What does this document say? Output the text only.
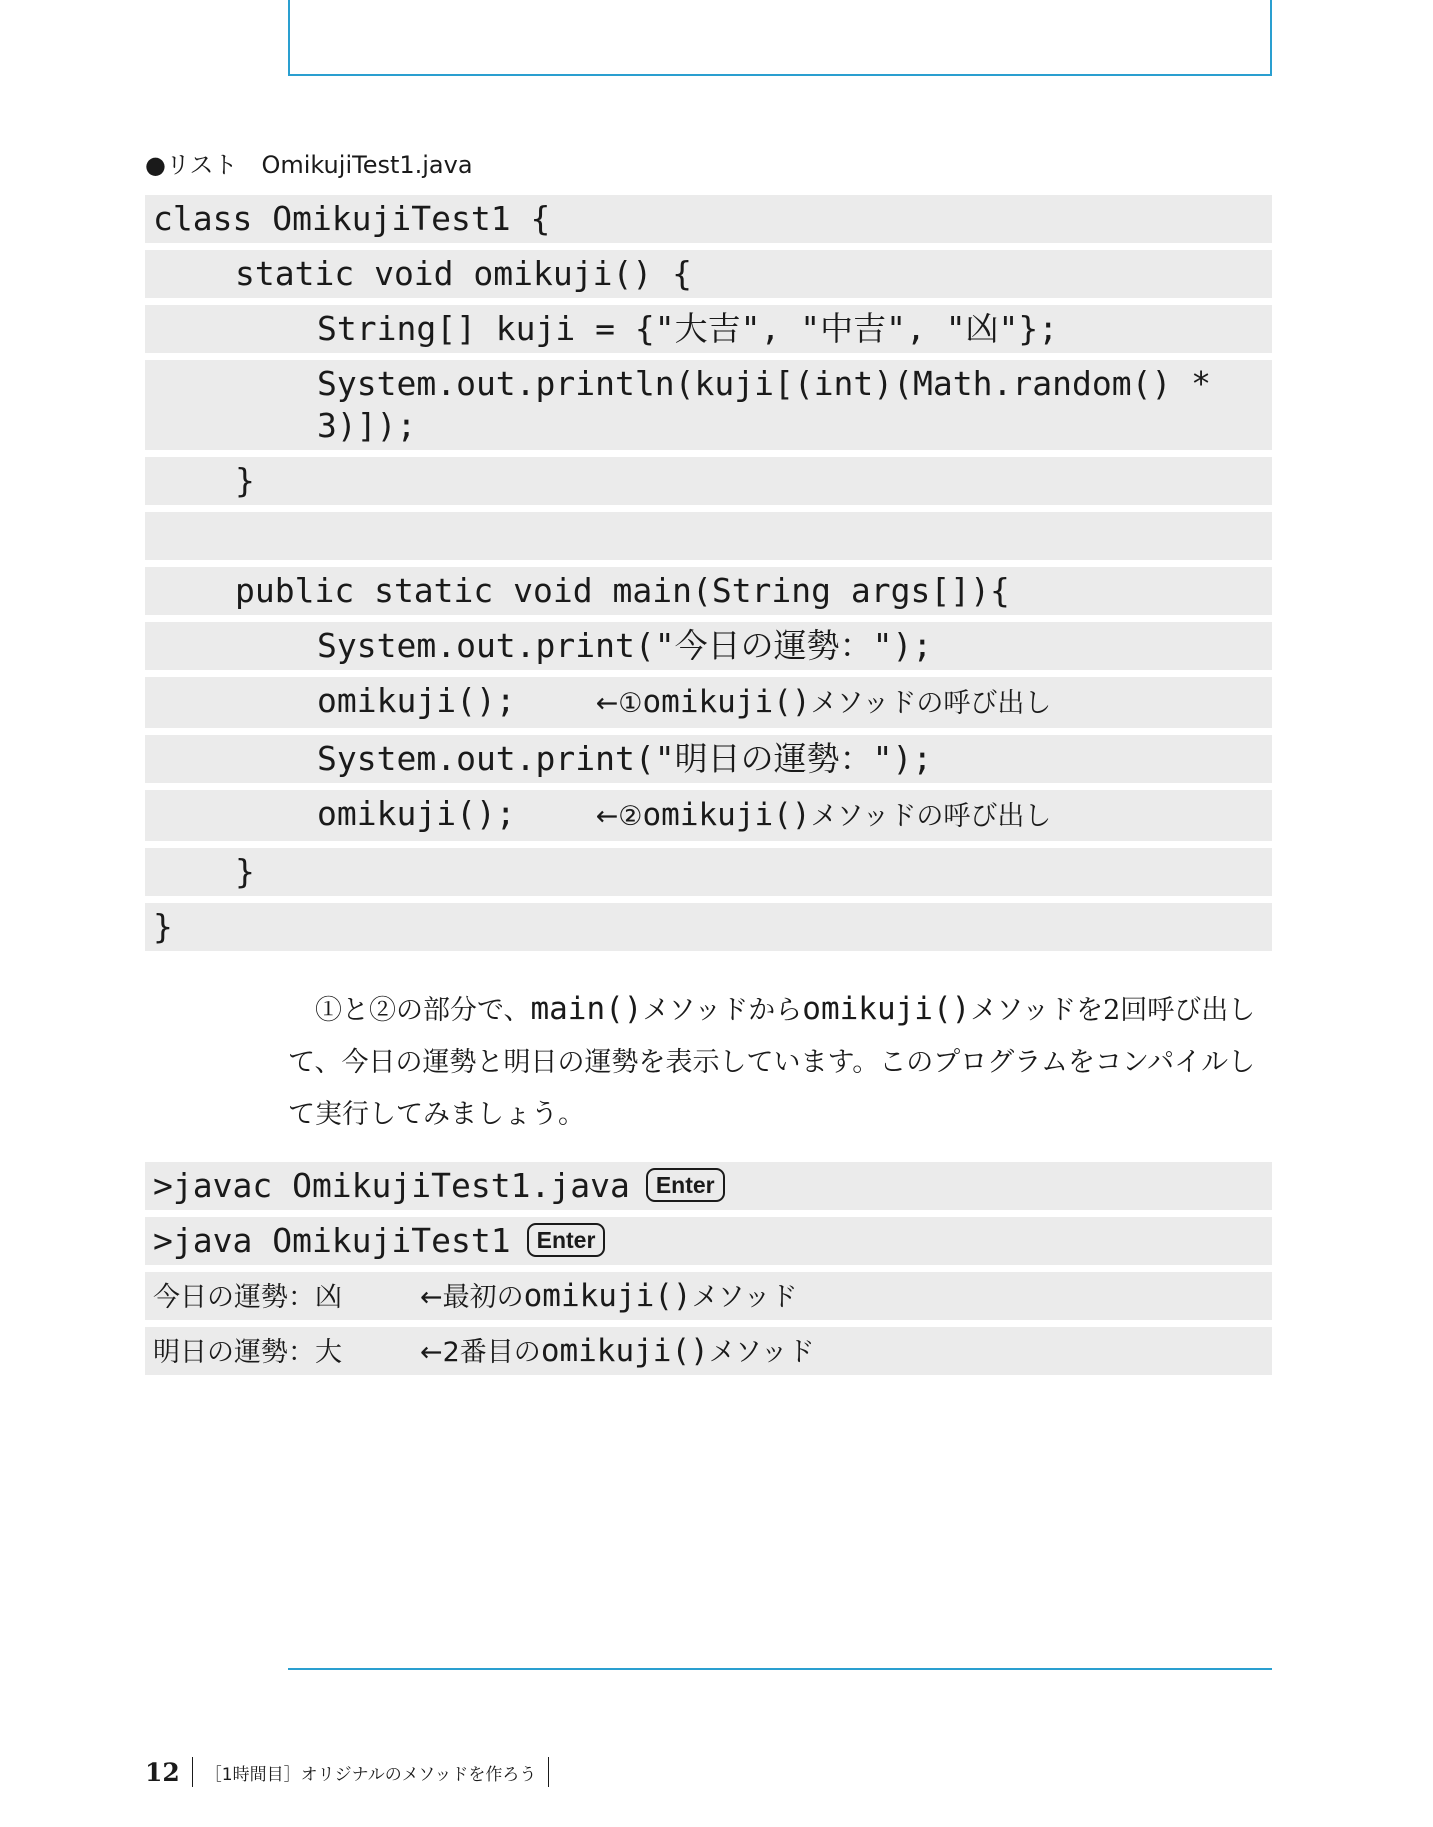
●リスト　OmikujiTest1.java
class OmikujiTest1 {
static void omikuji() {
String[] kuji = {"大吉", "中吉", "凶"};
System.out.println(kuji[(int)(Math.random() * 3)]);
}
public static void main(String args[]){
System.out.print("今日の運勢：");
omikuji();	←①omikuji()メソッドの呼び出し
System.out.print("明日の運勢：");
omikuji();	←②omikuji()メソッドの呼び出し
}
}
①と②の部分で、main()メソッドからomikuji()メソッドを2回呼び出して、今日の運勢と明日の運勢を表示しています。このプログラムをコンパイルして実行してみましょう。
>javac OmikujiTest1.java Enter
>java OmikujiTest1 Enter
今日の運勢：凶	←最初のomikuji()メソッド
明日の運勢：大	←2番目のomikuji()メソッド
12 ［1時間目］オリジナルのメソッドを作ろう
